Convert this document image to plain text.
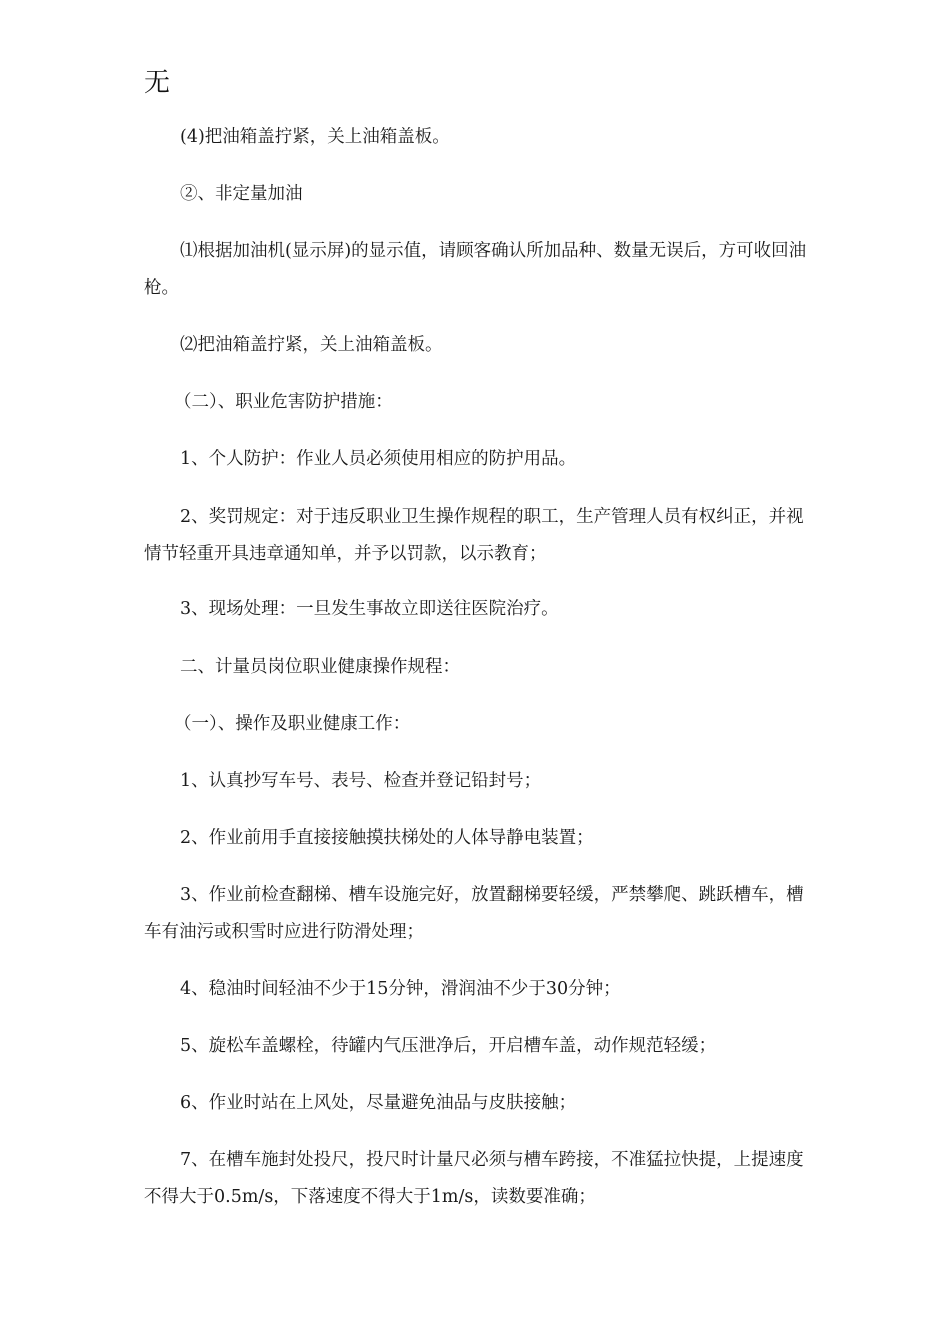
无

(4)把油箱盖拧紧，关上油箱盖板。

②、非定量加油

⑴根据加油机(显示屏)的显示值，请顾客确认所加品种、数量无误后，方可收回油枪。

⑵把油箱盖拧紧，关上油箱盖板。

（二）、职业危害防护措施：

1、个人防护：作业人员必须使用相应的防护用品。

2、奖罚规定：对于违反职业卫生操作规程的职工，生产管理人员有权纠正，并视情节轻重开具违章通知单，并予以罚款，以示教育；

3、现场处理：一旦发生事故立即送往医院治疗。

二、计量员岗位职业健康操作规程：

（一）、操作及职业健康工作：

1、认真抄写车号、表号、检查并登记铅封号；

2、作业前用手直接接触摸扶梯处的人体导静电装置；

3、作业前检查翻梯、槽车设施完好，放置翻梯要轻缓，严禁攀爬、跳跃槽车，槽车有油污或积雪时应进行防滑处理；

4、稳油时间轻油不少于15分钟，滑润油不少于30分钟；

5、旋松车盖螺栓，待罐内气压泄净后，开启槽车盖，动作规范轻缓；

6、作业时站在上风处，尽量避免油品与皮肤接触；

7、在槽车施封处投尺，投尺时计量尺必须与槽车跨接，不准猛拉快提，上提速度不得大于0.5m/s，下落速度不得大于1m/s，读数要准确；
